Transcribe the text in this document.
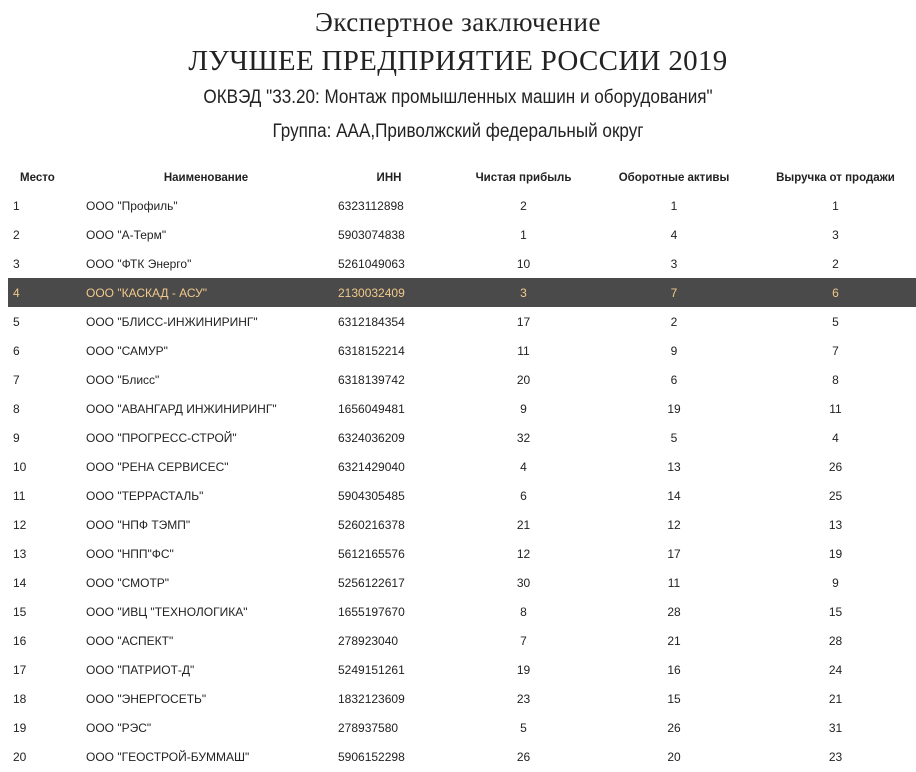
Экспертное заключение
ЛУЧШЕЕ ПРЕДПРИЯТИЕ РОССИИ 2019
ОКВЭД "33.20: Монтаж промышленных машин и оборудования"
Группа: ААА,Приволжский федеральный округ
Место	Наименование	ИНН	Чистая прибыль	Оборотные активы	Выручка от продажи
1	ООО "Профиль"	6323112898	2	1	1
2	ООО "А-Терм"	5903074838	1	4	3
3	ООО "ФТК Энерго"	5261049063	10	3	2
4	ООО "КАСКАД - АСУ"	2130032409	3	7	6
5	ООО "БЛИСС-ИНЖИНИРИНГ"	6312184354	17	2	5
6	ООО "САМУР"	6318152214	11	9	7
7	ООО "Блисс"	6318139742	20	6	8
8	ООО "АВАНГАРД ИНЖИНИРИНГ"	1656049481	9	19	11
9	ООО "ПРОГРЕСС-СТРОЙ"	6324036209	32	5	4
10	ООО "РЕНА СЕРВИСЕС"	6321429040	4	13	26
11	ООО "ТЕРРАСТАЛЬ"	5904305485	6	14	25
12	ООО "НПФ ТЭМП"	5260216378	21	12	13
13	ООО "НПП"ФС"	5612165576	12	17	19
14	ООО "СМОТР"	5256122617	30	11	9
15	ООО "ИВЦ "ТЕХНОЛОГИКА"	1655197670	8	28	15
16	ООО "АСПЕКТ"	278923040	7	21	28
17	ООО "ПАТРИОТ-Д"	5249151261	19	16	24
18	ООО "ЭНЕРГОСЕТЬ"	1832123609	23	15	21
19	ООО "РЭС"	278937580	5	26	31
20	ООО "ГЕОСТРОЙ-БУММАШ"	5906152298	26	20	23
